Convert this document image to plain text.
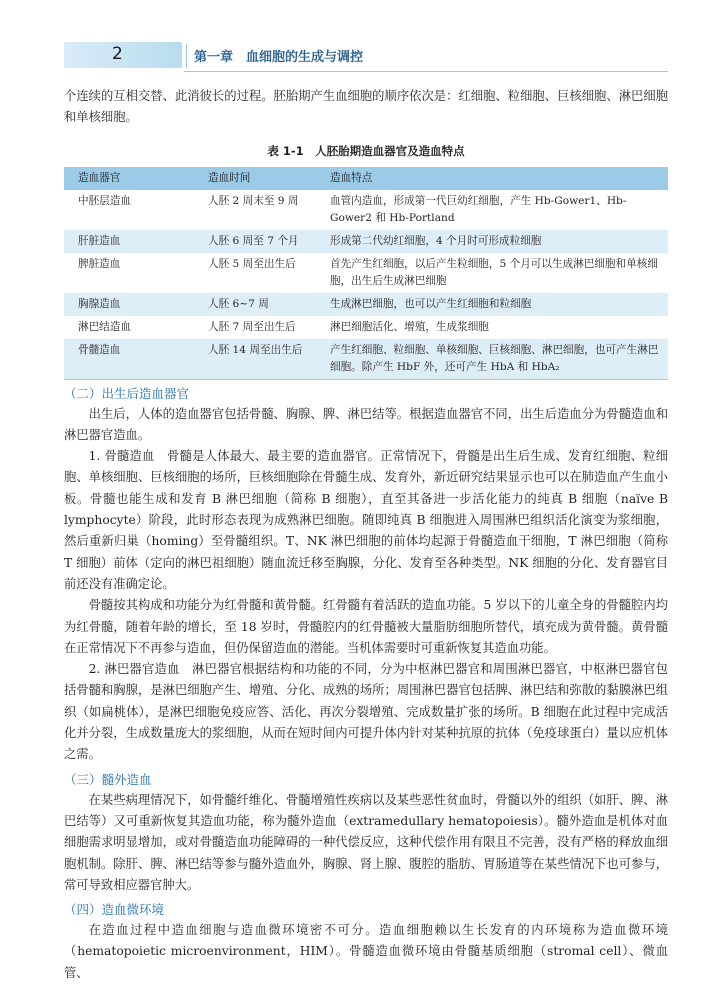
2	第一章　血细胞的生成与调控

个连续的互相交替、此消彼长的过程。胚胎期产生血细胞的顺序依次是：红细胞、粒细胞、巨核细胞、淋巴细胞和单核细胞。

表 1-1　人胚胎期造血器官及造血特点
造血器官	造血时间	造血特点
中胚层造血	人胚 2 周末至 9 周	血管内造血，形成第一代巨幼红细胞，产生 Hb-Gower1、Hb-Gower2 和 Hb-Portland
肝脏造血	人胚 6 周至 7 个月	形成第二代幼红细胞，4 个月时可形成粒细胞
脾脏造血	人胚 5 周至出生后	首先产生红细胞，以后产生粒细胞，5 个月可以生成淋巴细胞和单核细胞，出生后生成淋巴细胞
胸腺造血	人胚 6~7 周	生成淋巴细胞，也可以产生红细胞和粒细胞
淋巴结造血	人胚 7 周至出生后	淋巴细胞活化、增殖，生成浆细胞
骨髓造血	人胚 14 周至出生后	产生红细胞、粒细胞、单核细胞、巨核细胞、淋巴细胞，也可产生淋巴细胞。除产生 HbF 外，还可产生 HbA 和 HbA₂
（二）出生后造血器官

出生后，人体的造血器官包括骨髓、胸腺、脾、淋巴结等。根据造血器官不同，出生后造血分为骨髓造血和淋巴器官造血。

1. 骨髓造血　骨髓是人体最大、最主要的造血器官。正常情况下，骨髓是出生后生成、发育红细胞、粒细胞、单核细胞、巨核细胞的场所，巨核细胞除在骨髓生成、发育外，新近研究结果显示也可以在肺造血产生血小板。骨髓也能生成和发育 B 淋巴细胞（简称 B 细胞），直至其备进一步活化能力的纯真 B 细胞（naïve B lymphocyte）阶段，此时形态表现为成熟淋巴细胞。随即纯真 B 细胞进入周围淋巴组织活化演变为浆细胞，然后重新归巢（homing）至骨髓组织。T、NK 淋巴细胞的前体均起源于骨髓造血干细胞，T 淋巴细胞（简称 T 细胞）前体（定向的淋巴祖细胞）随血流迁移至胸腺，分化、发育至各种类型。NK 细胞的分化、发育器官目前还没有准确定论。

骨髓按其构成和功能分为红骨髓和黄骨髓。红骨髓有着活跃的造血功能。5 岁以下的儿童全身的骨髓腔内均为红骨髓，随着年龄的增长，至 18 岁时，骨髓腔内的红骨髓被大量脂肪细胞所替代，填充成为黄骨髓。黄骨髓在正常情况下不再参与造血，但仍保留造血的潜能。当机体需要时可重新恢复其造血功能。

2. 淋巴器官造血　淋巴器官根据结构和功能的不同，分为中枢淋巴器官和周围淋巴器官，中枢淋巴器官包括骨髓和胸腺，是淋巴细胞产生、增殖、分化、成熟的场所；周围淋巴器官包括脾、淋巴结和弥散的黏膜淋巴组织（如扁桃体），是淋巴细胞免疫应答、活化、再次分裂增殖、完成数量扩张的场所。B 细胞在此过程中完成活化并分裂，生成数量庞大的浆细胞，从而在短时间内可提升体内针对某种抗原的抗体（免疫球蛋白）量以应机体之需。

（三）髓外造血

在某些病理情况下，如骨髓纤维化、骨髓增殖性疾病以及某些恶性贫血时，骨髓以外的组织（如肝、脾、淋巴结等）又可重新恢复其造血功能，称为髓外造血（extramedullary hematopoiesis）。髓外造血是机体对血细胞需求明显增加，或对骨髓造血功能障碍的一种代偿反应，这种代偿作用有限且不完善，没有严格的释放血细胞机制。除肝、脾、淋巴结等参与髓外造血外，胸腺、肾上腺、腹腔的脂肪、胃肠道等在某些情况下也可参与，常可导致相应器官肿大。

（四）造血微环境

在造血过程中造血细胞与造血微环境密不可分。造血细胞赖以生长发育的内环境称为造血微环境（hematopoietic microenvironment，HIM）。骨髓造血微环境由骨髓基质细胞（stromal cell）、微血管、
